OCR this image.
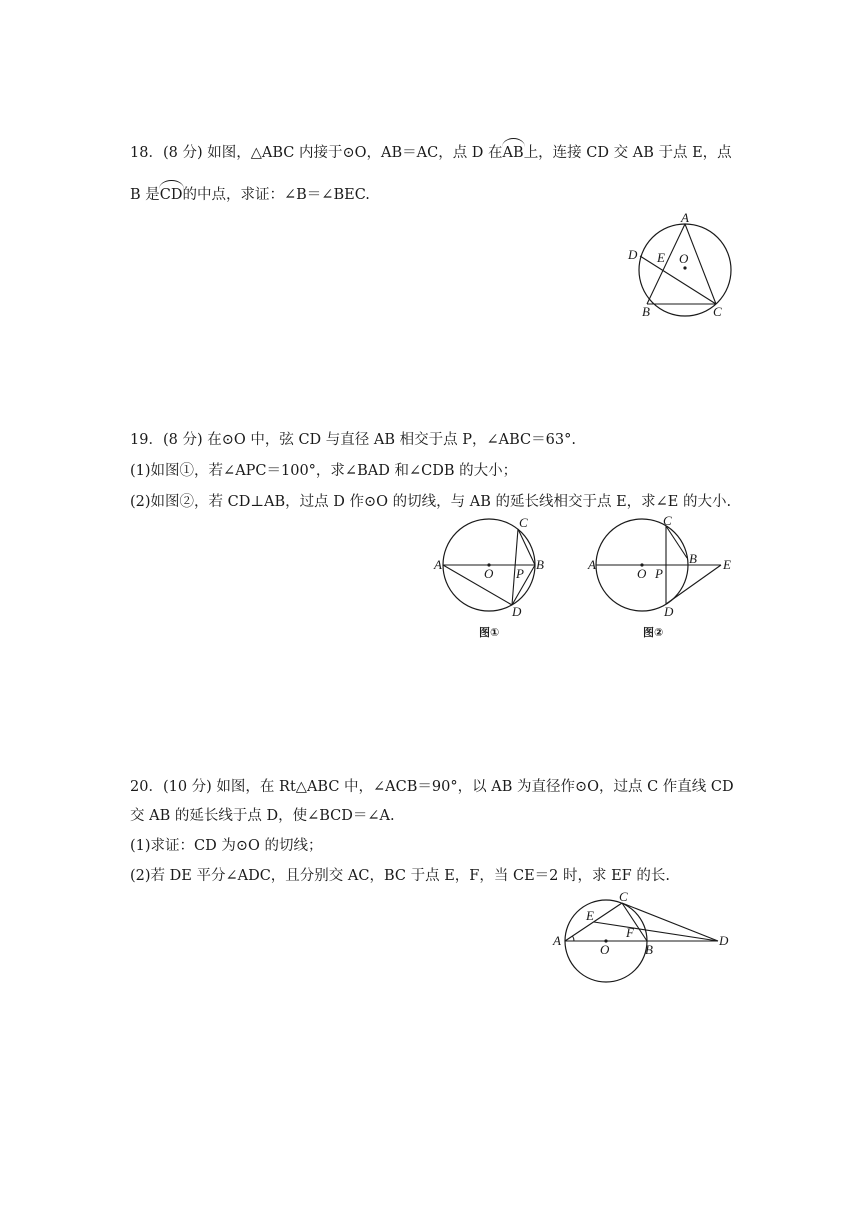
18．(8 分) 如图，△ABC 内接于⊙O，AB＝AC，点 D 在AB上，连接 CD 交 AB 于点 E，点
B 是CD的中点，求证：∠B＝∠BEC.
A
D E O
B	C
19．(8 分) 在⊙O 中，弦 CD 与直径 AB 相交于点 P，∠ABC＝63°.
(1)如图①，若∠APC＝100°，求∠BAD 和∠CDB 的大小；
(2)如图②，若 CD⊥AB，过点 D 作⊙O 的切线，与 AB 的延长线相交于点 E，求∠E 的大小.
A
O P
B
C
D
图①
A
O P
B
C
D
E
图②
20．(10 分) 如图，在 Rt△ABC 中，∠ACB＝90°，以 AB 为直径作⊙O，过点 C 作直线 CD
交 AB 的延长线于点 D，使∠BCD＝∠A.
(1)求证：CD 为⊙O 的切线；
(2)若 DE 平分∠ADC，且分别交 AC，BC 于点 E，F，当 CE＝2 时，求 EF 的长.
A
E
C
F
O	B
D
